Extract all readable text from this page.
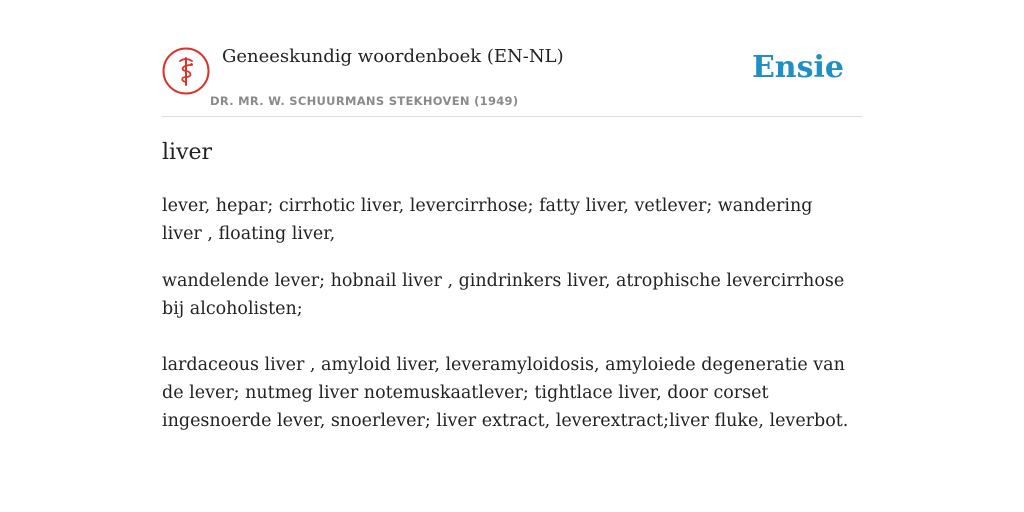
Geneeskundig woordenboek (EN-NL)
DR. MR. W. SCHUURMANS STEKHOVEN (1949)
Ensie
liver

lever, hepar; cirrhotic liver, levercirrhose; fatty liver, vetlever; wandering liver , floating liver,

wandelende lever; hobnail liver , gindrinkers liver, atrophische levercirrhose bij alcoholisten;

lardaceous liver , amyloid liver, leveramyloidosis, amyloiede degeneratie van de lever; nutmeg liver notemuskaatlever; tightlace liver, door corset ingesnoerde lever, snoerlever; liver extract, leverextract;liver fluke, leverbot.
